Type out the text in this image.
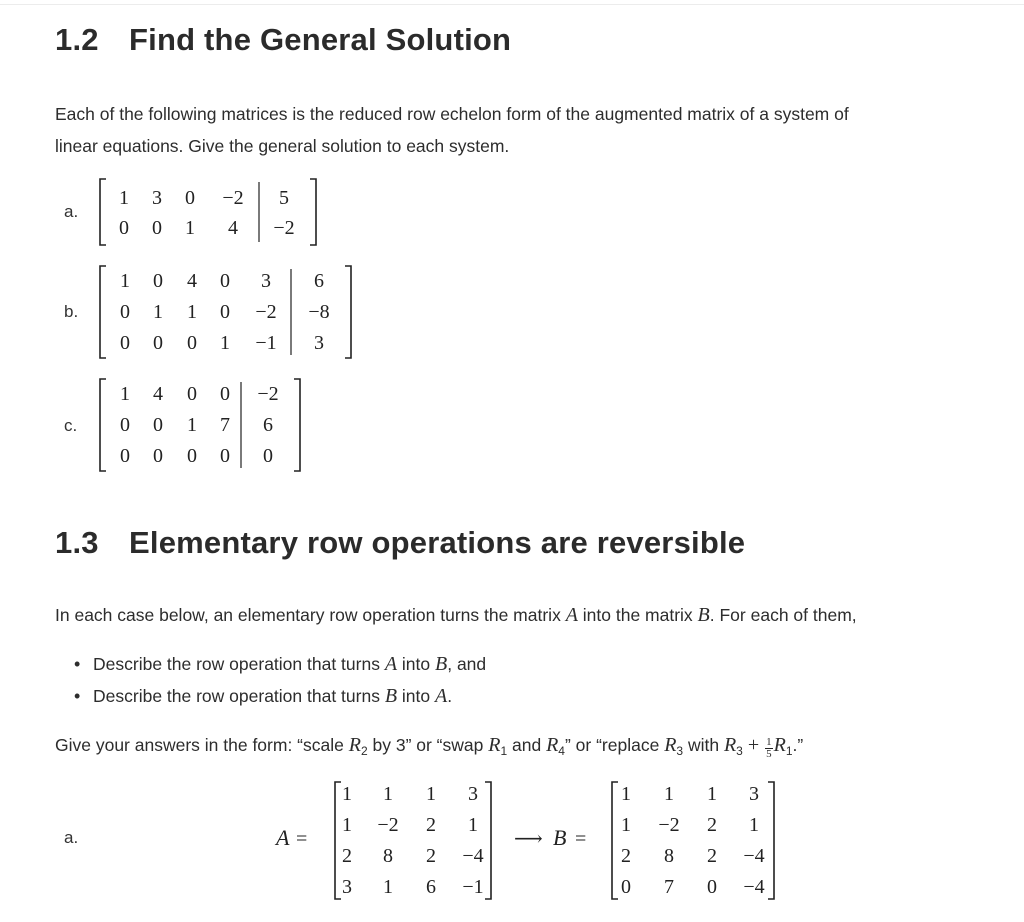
1.2 Find the General Solution

Each of the following matrices is the reduced row echelon form of the augmented matrix of a system of

linear equations. Give the general solution to each system.

a.
1 3 0 −2 5
0 0 1 4 −2
b.
1 0 4 0 3 6
0 1 1 0 −2 −8
0 0 0 1 −1 3
c.
1 4 0 0 −2
0 0 1 7 6
0 0 0 0 0
1.3 Elementary row operations are reversible

In each case below, an elementary row operation turns the matrix A into the matrix B. For each of them,

• Describe the row operation that turns A into B, and
• Describe the row operation that turns B into A.

Give your answers in the form: “scale $R_2$ by 3” or “swap $R_1$ and $R_4$” or “replace $R_3$ with $R_3 + \frac{1}{5} R_1$.”

a.	A =
1 1 1 3
1 −2 2 1
2 8 2 −4
3 1 6 −1
⟶ B =
1 1 1 3
1 −2 2 1
2 8 2 −4
0 7 0 −4
